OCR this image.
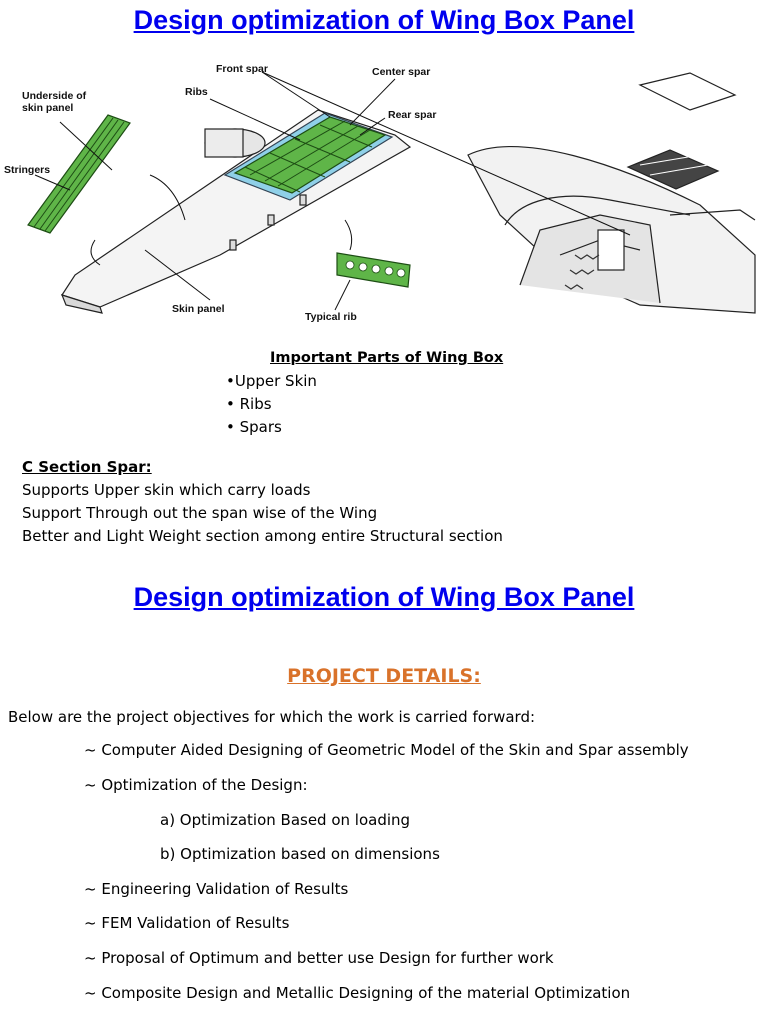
Design optimization of Wing Box Panel
Front spar	Center spar
Ribs
Rear spar
Underside of
skin panel
Stringers
Skin panel
Typical rib
Important Parts of Wing Box
•Upper Skin
• Ribs
• Spars
C Section Spar:
Supports Upper skin which carry loads
Support Through out the span wise of the Wing
Better and Light Weight section among entire Structural section
Design optimization of Wing Box Panel
PROJECT DETAILS:
Below are the project objectives for which the work is carried forward:
~ Computer Aided Designing of Geometric Model of the Skin and Spar assembly
~ Optimization of the Design:
a) Optimization Based on loading
b) Optimization based on dimensions
~ Engineering Validation of Results
~ FEM Validation of Results
~ Proposal of Optimum and better use Design for further work
~ Composite Design and Metallic Designing of the material Optimization
